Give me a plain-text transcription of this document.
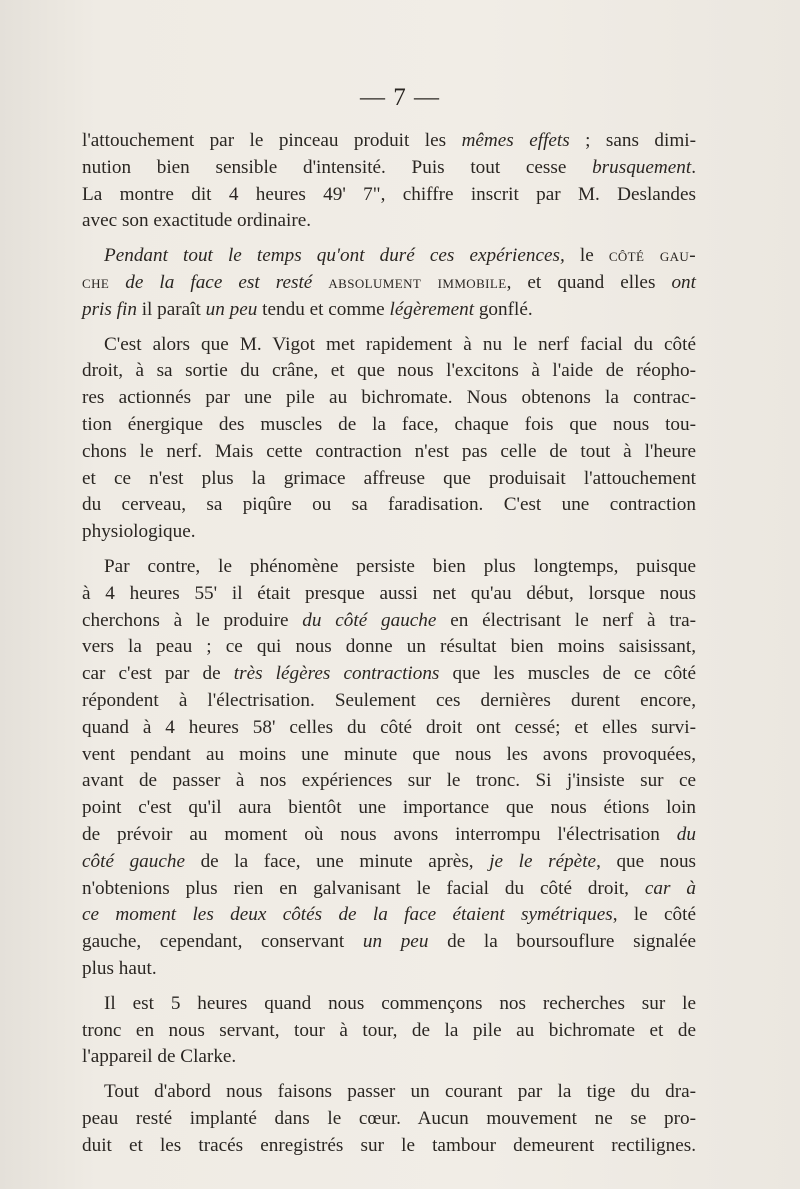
— 7 —

l'attouchement par le pinceau produit les mêmes effets ; sans dimi-

nution bien sensible d'intensité. Puis tout cesse brusquement.

La montre dit 4 heures 49' 7", chiffre inscrit par M. Deslandes

avec son exactitude ordinaire.

Pendant tout le temps qu'ont duré ces expériences, le côté gau-

che de la face est resté absolument immobile, et quand elles ont

pris fin il paraît un peu tendu et comme légèrement gonflé.

C'est alors que M. Vigot met rapidement à nu le nerf facial du côté

droit, à sa sortie du crâne, et que nous l'excitons à l'aide de réopho-

res actionnés par une pile au bichromate. Nous obtenons la contrac-

tion énergique des muscles de la face, chaque fois que nous tou-

chons le nerf. Mais cette contraction n'est pas celle de tout à l'heure

et ce n'est plus la grimace affreuse que produisait l'attouchement

du cerveau, sa piqûre ou sa faradisation. C'est une contraction

physiologique.

Par contre, le phénomène persiste bien plus longtemps, puisque

à 4 heures 55' il était presque aussi net qu'au début, lorsque nous

cherchons à le produire du côté gauche en électrisant le nerf à tra-

vers la peau ; ce qui nous donne un résultat bien moins saisissant,

car c'est par de très légères contractions que les muscles de ce côté

répondent à l'électrisation. Seulement ces dernières durent encore,

quand à 4 heures 58' celles du côté droit ont cessé; et elles survi-

vent pendant au moins une minute que nous les avons provoquées,

avant de passer à nos expériences sur le tronc. Si j'insiste sur ce

point c'est qu'il aura bientôt une importance que nous étions loin

de prévoir au moment où nous avons interrompu l'électrisation du

côté gauche de la face, une minute après, je le répète, que nous

n'obtenions plus rien en galvanisant le facial du côté droit, car à

ce moment les deux côtés de la face étaient symétriques, le côté

gauche, cependant, conservant un peu de la boursouflure signalée

plus haut.

Il est 5 heures quand nous commençons nos recherches sur le

tronc en nous servant, tour à tour, de la pile au bichromate et de

l'appareil de Clarke.

Tout d'abord nous faisons passer un courant par la tige du dra-

peau resté implanté dans le cœur. Aucun mouvement ne se pro-

duit et les tracés enregistrés sur le tambour demeurent rectilignes.
